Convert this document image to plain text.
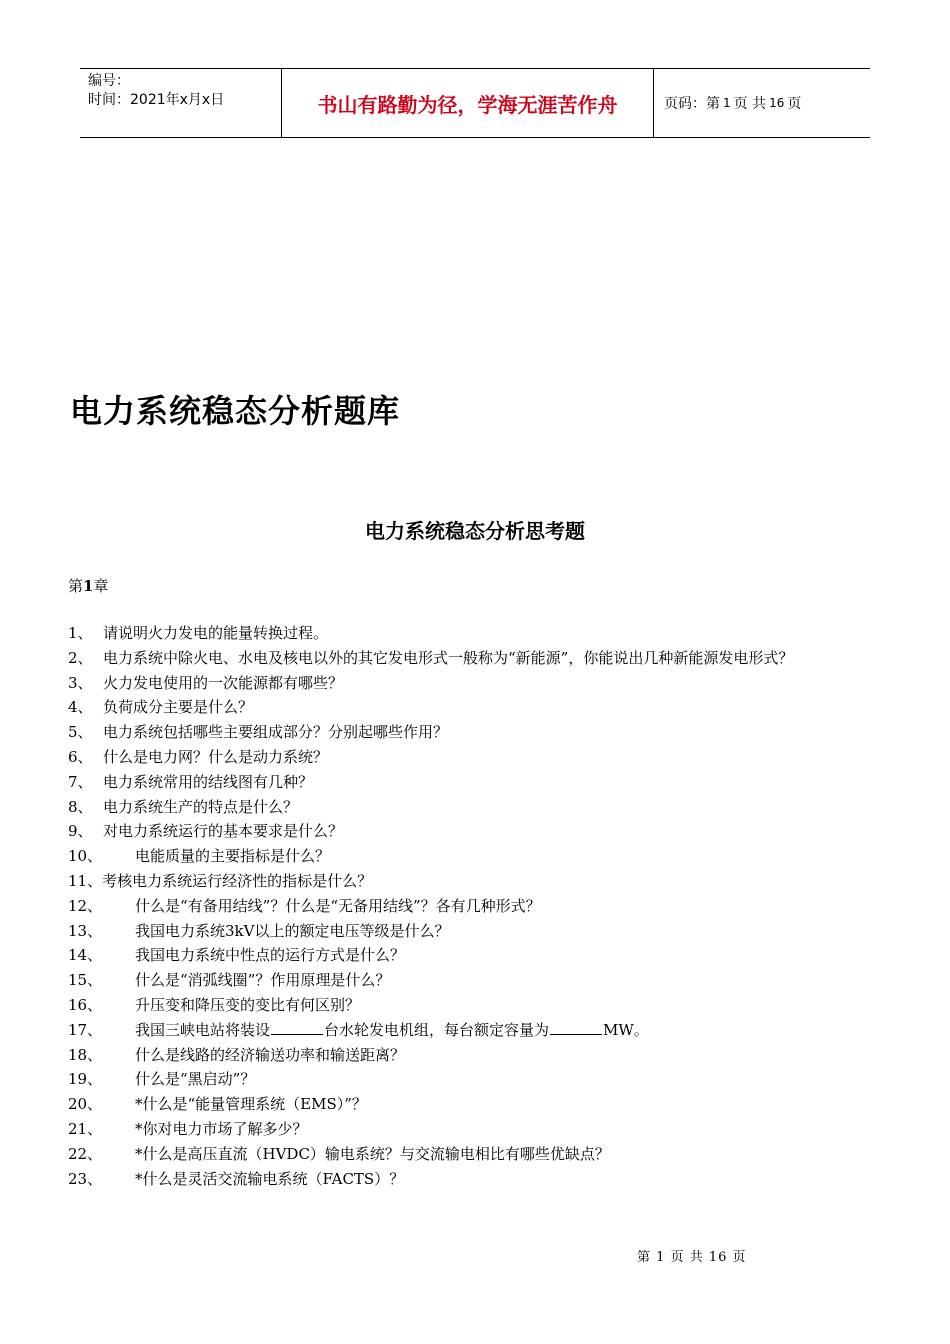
编号：
时间：2021年x月x日	书山有路勤为径，学海无涯苦作舟	页码：第 1 页 共 16 页
电力系统稳态分析题库
电力系统稳态分析思考题
第1章
1、 请说明火力发电的能量转换过程。
2、 电力系统中除火电、水电及核电以外的其它发电形式一般称为“新能源”，你能说出几种新能源发电形式？
3、 火力发电使用的一次能源都有哪些？
4、 负荷成分主要是什么？
5、 电力系统包括哪些主要组成部分？分别起哪些作用？
6、 什么是电力网？什么是动力系统？
7、 电力系统常用的结线图有几种？
8、 电力系统生产的特点是什么？
9、 对电力系统运行的基本要求是什么？
10、	电能质量的主要指标是什么？
11、 考核电力系统运行经济性的指标是什么？
12、	什么是“有备用结线”？什么是“无备用结线”？各有几种形式？
13、	我国电力系统3kV以上的额定电压等级是什么？
14、	我国电力系统中性点的运行方式是什么？
15、	什么是“消弧线圈”？作用原理是什么？
16、	升压变和降压变的变比有何区别？
17、	我国三峡电站将装设	台水轮发电机组，每台额定容量为	MW。
18、	什么是线路的经济输送功率和输送距离？
19、	什么是“黑启动”？
20、	*什么是“能量管理系统（EMS）”？
21、	*你对电力市场了解多少？
22、	*什么是高压直流（HVDC）输电系统？与交流输电相比有哪些优缺点？
23、	*什么是灵活交流输电系统（FACTS）？
第 1 页 共 16 页
